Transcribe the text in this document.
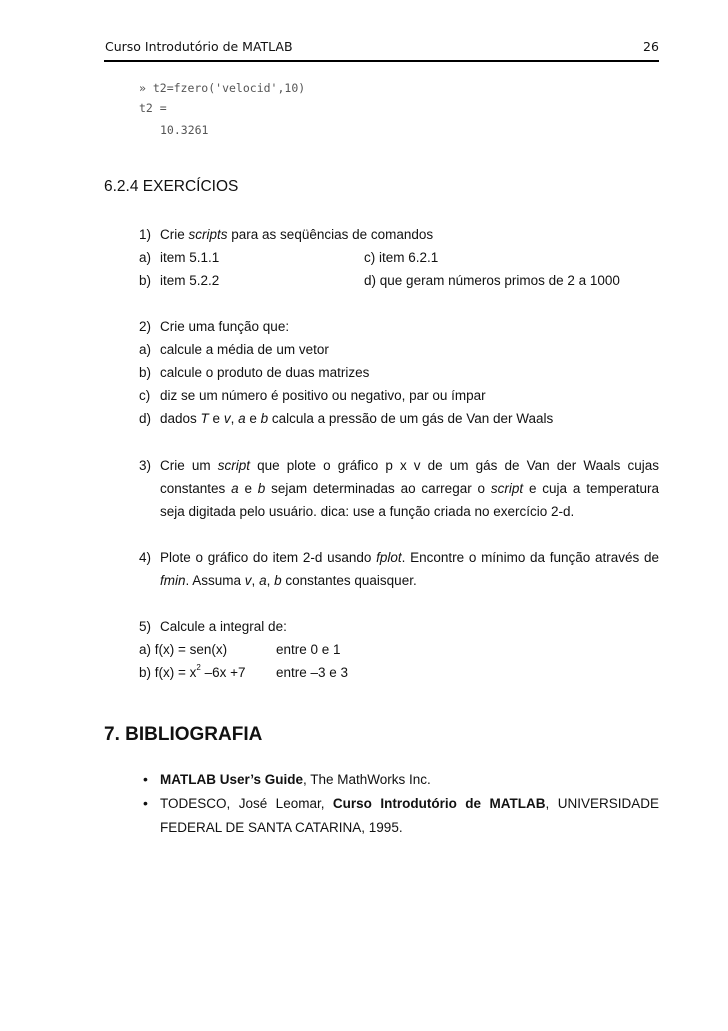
Curso Introdutório de MATLAB	26
» t2=fzero('velocid',10)
t2 =
10.3261
6.2.4 EXERCÍCIOS
1) Crie scripts para as seqüências de comandos
a) item 5.1.1
b) item 5.2.2
c) item 6.2.1
d) que geram números primos de 2 a 1000
2) Crie uma função que:
a) calcule a média de um vetor
b) calcule o produto de duas matrizes
c) diz se um número é positivo ou negativo, par ou ímpar
d) dados T e v, a e b calcula a pressão de um gás de Van der Waals
3) Crie um script que plote o gráfico p x v de um gás de Van der Waals cujas
constantes a e b sejam determinadas ao carregar o script e cuja a temperatura
seja digitada pelo usuário. dica: use a função criada no exercício 2-d.
4) Plote o gráfico do item 2-d usando fplot. Encontre o mínimo da função através de
fmin. Assuma v, a, b constantes quaisquer.
5) Calcule a integral de:
a) f(x) = sen(x)	entre 0 e 1
b) $f(x) = x^2$ –6x +7 entre –3 e 3
7. BIBLIOGRAFIA
• MATLAB User’s Guide, The MathWorks Inc.
• TODESCO, José Leomar, Curso Introdutório de MATLAB, UNIVERSIDADE
FEDERAL DE SANTA CATARINA, 1995.
